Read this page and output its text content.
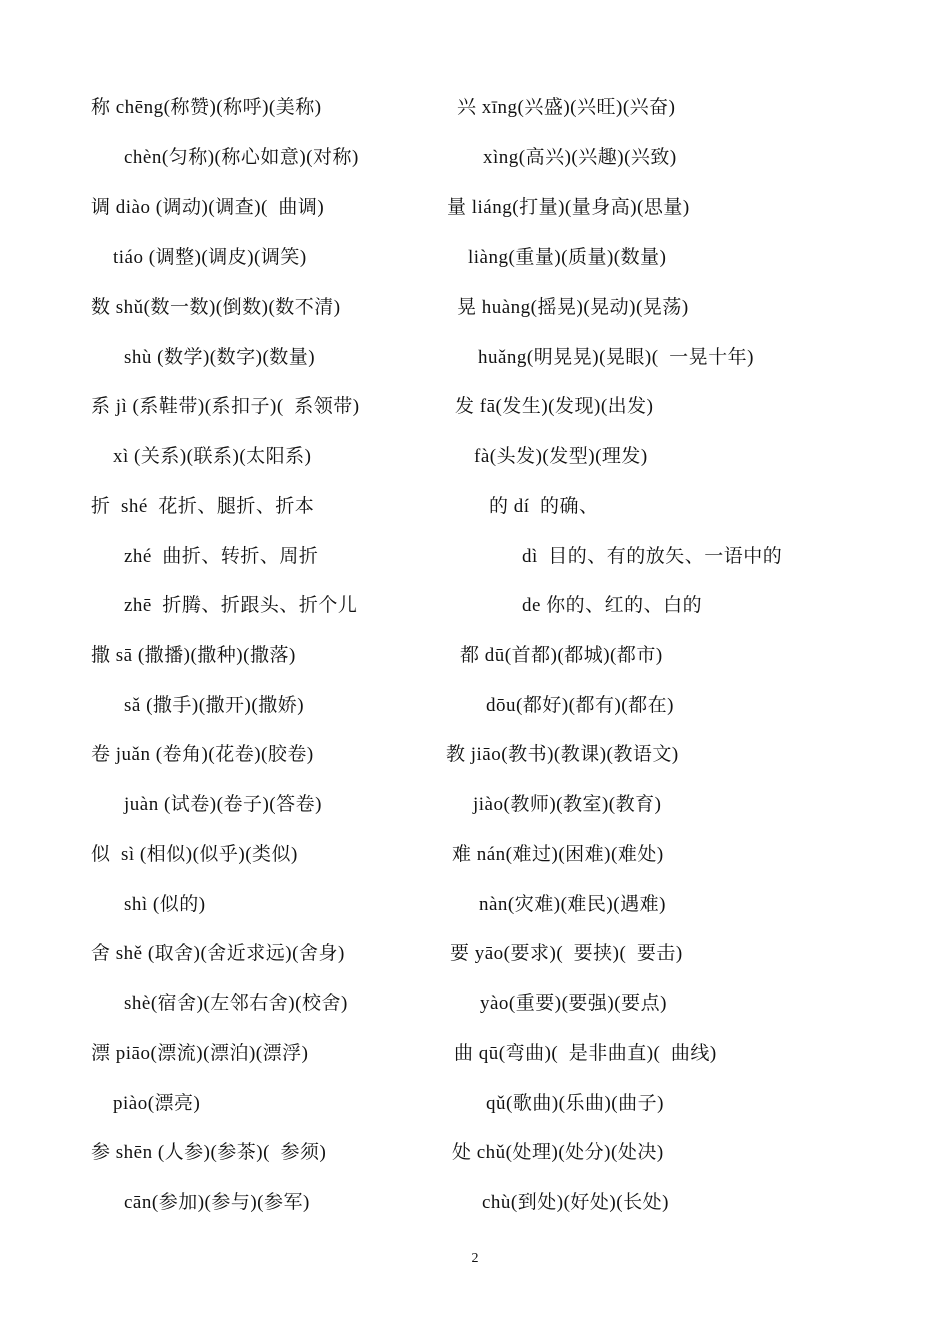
称 chēng(称赞)(称呼)(美称)
chèn(匀称)(称心如意)(对称)
调 diào (调动)(调查)(  曲调)
tiáo (调整)(调皮)(调笑)
数 shǔ(数一数)(倒数)(数不清)
shù (数学)(数字)(数量)
系 jì (系鞋带)(系扣子)(  系领带)
xì (关系)(联系)(太阳系)
折  shé  花折、腿折、折本
zhé  曲折、转折、周折
zhē  折腾、折跟头、折个儿
撒 sā (撒播)(撒种)(撒落)
sǎ (撒手)(撒开)(撒娇)
卷 juǎn (卷角)(花卷)(胶卷)
juàn (试卷)(卷子)(答卷)
似  sì (相似)(似乎)(类似)
shì (似的)
舍 shě (取舍)(舍近求远)(舍身)
shè(宿舍)(左邻右舍)(校舍)
漂 piāo(漂流)(漂泊)(漂浮)
piào(漂亮)
参 shēn (人参)(参茶)(  参须)
cān(参加)(参与)(参军)
兴 xīng(兴盛)(兴旺)(兴奋)
xìng(高兴)(兴趣)(兴致)
量 liáng(打量)(量身高)(思量)
liàng(重量)(质量)(数量)
晃 huàng(摇晃)(晃动)(晃荡)
huǎng(明晃晃)(晃眼)(  一晃十年)
发 fā(发生)(发现)(出发)
fà(头发)(发型)(理发)
的 dí  的确、
dì  目的、有的放矢、一语中的
de 你的、红的、白的
都 dū(首都)(都城)(都市)
dōu(都好)(都有)(都在)
教 jiāo(教书)(教课)(教语文)
jiào(教师)(教室)(教育)
难 nán(难过)(困难)(难处)
nàn(灾难)(难民)(遇难)
要 yāo(要求)(  要挟)(  要击)
yào(重要)(要强)(要点)
曲 qū(弯曲)(  是非曲直)(  曲线)
qǔ(歌曲)(乐曲)(曲子)
处 chǔ(处理)(处分)(处决)
chù(到处)(好处)(长处)
2
